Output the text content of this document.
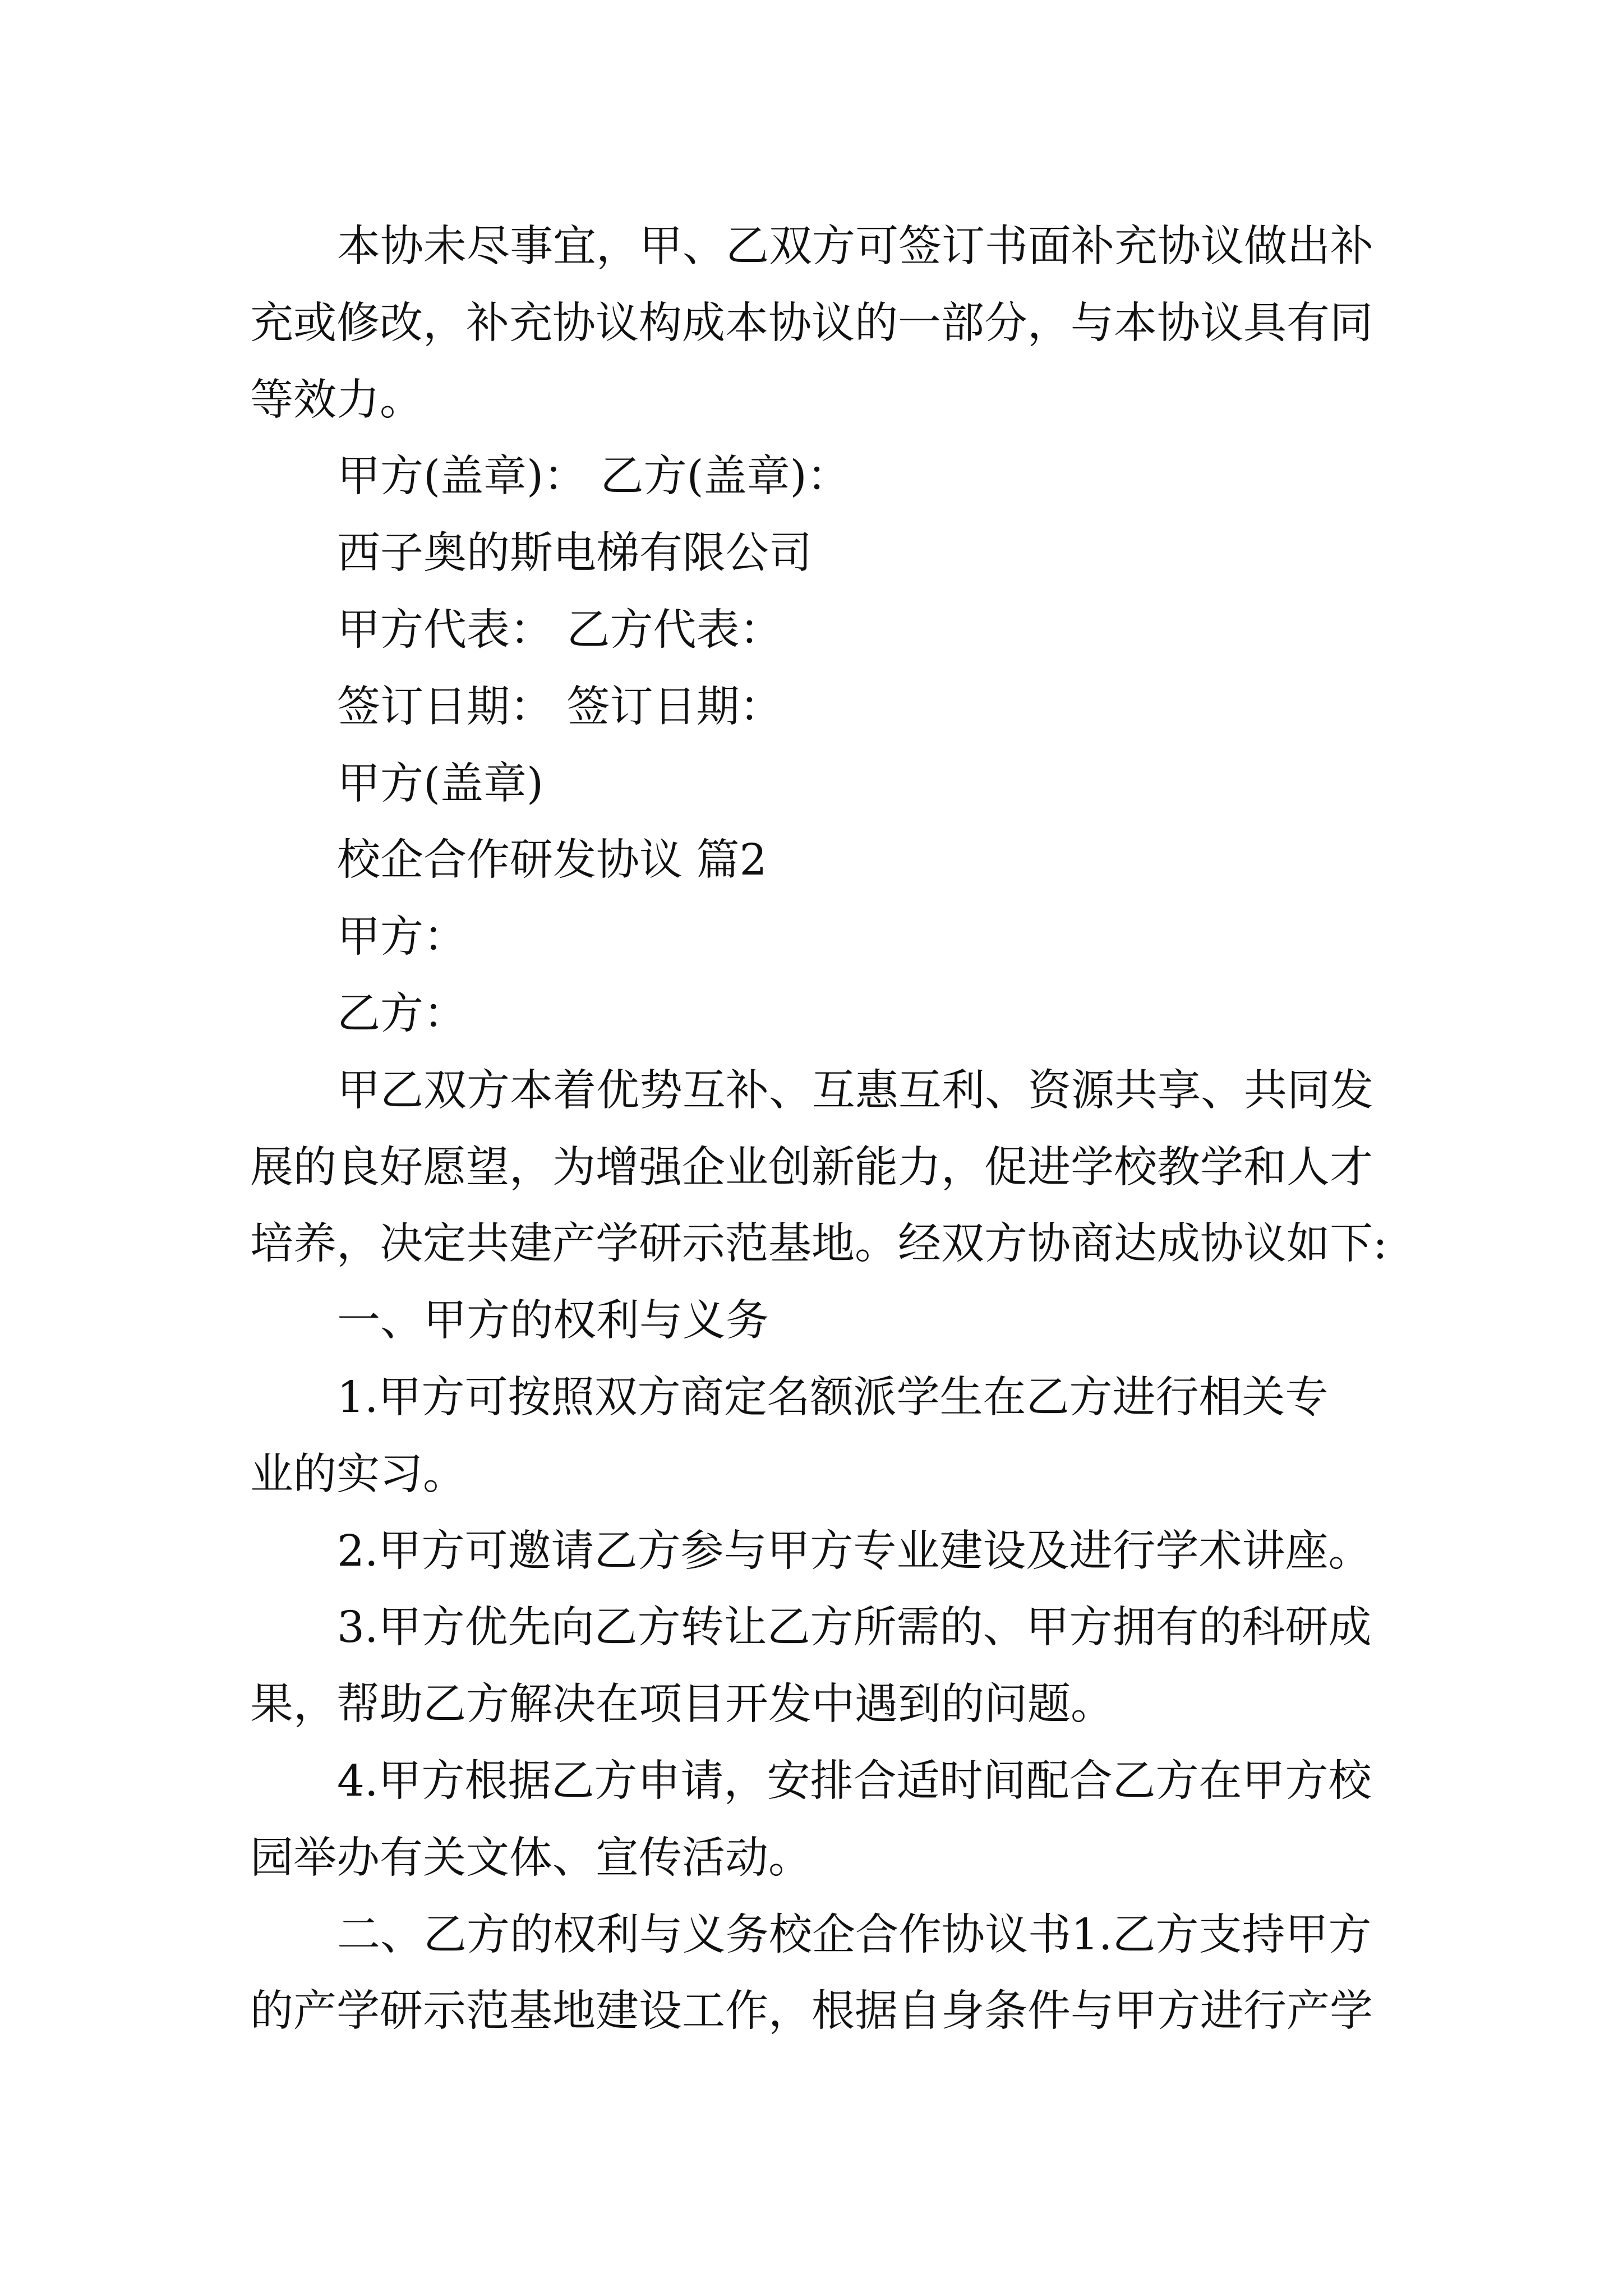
本协未尽事宜，甲、乙双方可签订书面补充协议做出补
充或修改，补充协议构成本协议的一部分，与本协议具有同
等效力。
甲方(盖章)： 乙方(盖章)：
西子奥的斯电梯有限公司
甲方代表： 乙方代表：
签订日期： 签订日期：
甲方(盖章)
校企合作研发协议 篇2
甲方：
乙方：
甲乙双方本着优势互补、互惠互利、资源共享、共同发
展的良好愿望，为增强企业创新能力，促进学校教学和人才
培养，决定共建产学研示范基地。经双方协商达成协议如下:
一、甲方的权利与义务
1.甲方可按照双方商定名额派学生在乙方进行相关专
业的实习。
2.甲方可邀请乙方参与甲方专业建设及进行学术讲座。
3.甲方优先向乙方转让乙方所需的、甲方拥有的科研成
果，帮助乙方解决在项目开发中遇到的问题。
4.甲方根据乙方申请，安排合适时间配合乙方在甲方校
园举办有关文体、宣传活动。
二、乙方的权利与义务校企合作协议书1.乙方支持甲方
的产学研示范基地建设工作，根据自身条件与甲方进行产学
